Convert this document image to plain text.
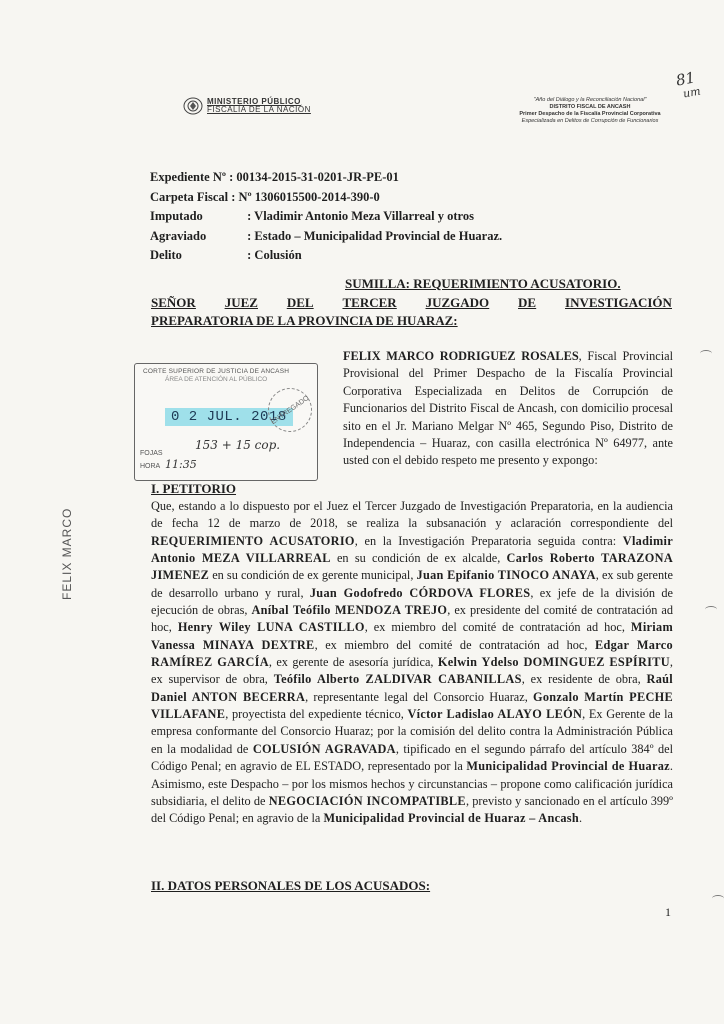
MINISTERIO PÚBLICO
FISCALÍA DE LA NACIÓN
"Año del Diálogo y la Reconciliación Nacional"
DISTRITO FISCAL DE ANCASH
Primer Despacho de la Fiscalía Provincial Corporativa
Especializada en Delitos de Corrupción de Funcionarios
81
um
Expediente Nº : 00134-2015-31-0201-JR-PE-01
Carpeta Fiscal : Nº 1306015500-2014-390-0
Imputado	: Vladimir Antonio Meza Villarreal y otros
Agraviado	: Estado – Municipalidad Provincial de Huaraz.
Delito	: Colusión
SUMILLA: REQUERIMIENTO ACUSATORIO.
SEÑOR JUEZ DEL TERCER JUZGADO DE INVESTIGACIÓN
PREPARATORIA DE LA PROVINCIA DE HUARAZ:
CORTE SUPERIOR DE JUSTICIA DE ANCASH
ÁREA DE ATENCIÓN AL PÚBLICO
0 2 JUL. 2018
153 + 15 cop.
FOJAS
HORA 11:35
ENTREGADO
FELIX MARCO
FELIX MARCO RODRIGUEZ ROSALES, Fiscal Provincial Provisional del Primer Despacho de la Fiscalía Provincial Corporativa Especializada en Delitos de Corrupción de Funcionarios del Distrito Fiscal de Ancash, con domicilio procesal sito en el Jr. Mariano Melgar Nº 465, Segundo Piso, Distrito de Independencia – Huaraz, con casilla electrónica Nº 64977, ante usted con el debido respeto me presento y expongo:
I. PETITORIO
Que, estando a lo dispuesto por el Juez el Tercer Juzgado de Investigación Preparatoria, en la audiencia de fecha 12 de marzo de 2018, se realiza la subsanación y aclaración correspondiente del REQUERIMIENTO ACUSATORIO, en la Investigación Preparatoria seguida contra: Vladimir Antonio MEZA VILLARREAL en su condición de ex alcalde, Carlos Roberto TARAZONA JIMENEZ en su condición de ex gerente municipal, Juan Epifanio TINOCO ANAYA, ex sub gerente de desarrollo urbano y rural, Juan Godofredo CÓRDOVA FLORES, ex jefe de la división de ejecución de obras, Aníbal Teófilo MENDOZA TREJO, ex presidente del comité de contratación ad hoc, Henry Wiley LUNA CASTILLO, ex miembro del comité de contratación ad hoc, Miriam Vanessa MINAYA DEXTRE, ex miembro del comité de contratación ad hoc, Edgar Marco RAMÍREZ GARCÍA, ex gerente de asesoría jurídica, Kelwin Ydelso DOMINGUEZ ESPÍRITU, ex supervisor de obra, Teófilo Alberto ZALDIVAR CABANILLAS, ex residente de obra, Raúl Daniel ANTON BECERRA, representante legal del Consorcio Huaraz, Gonzalo Martín PECHE VILLAFANE, proyectista del expediente técnico, Víctor Ladislao ALAYO LEÓN, Ex Gerente de la empresa conformante del Consorcio Huaraz; por la comisión del delito contra la Administración Pública en la modalidad de COLUSIÓN AGRAVADA, tipificado en el segundo párrafo del artículo 384º del Código Penal; en agravio de EL ESTADO, representado por la Municipalidad Provincial de Huaraz. Asimismo, este Despacho – por los mismos hechos y circunstancias – propone como calificación jurídica subsidiaria, el delito de NEGOCIACIÓN INCOMPATIBLE, previsto y sancionado en el artículo 399º del Código Penal; en agravio de la Municipalidad Provincial de Huaraz – Ancash.
II. DATOS PERSONALES DE LOS ACUSADOS:
1
